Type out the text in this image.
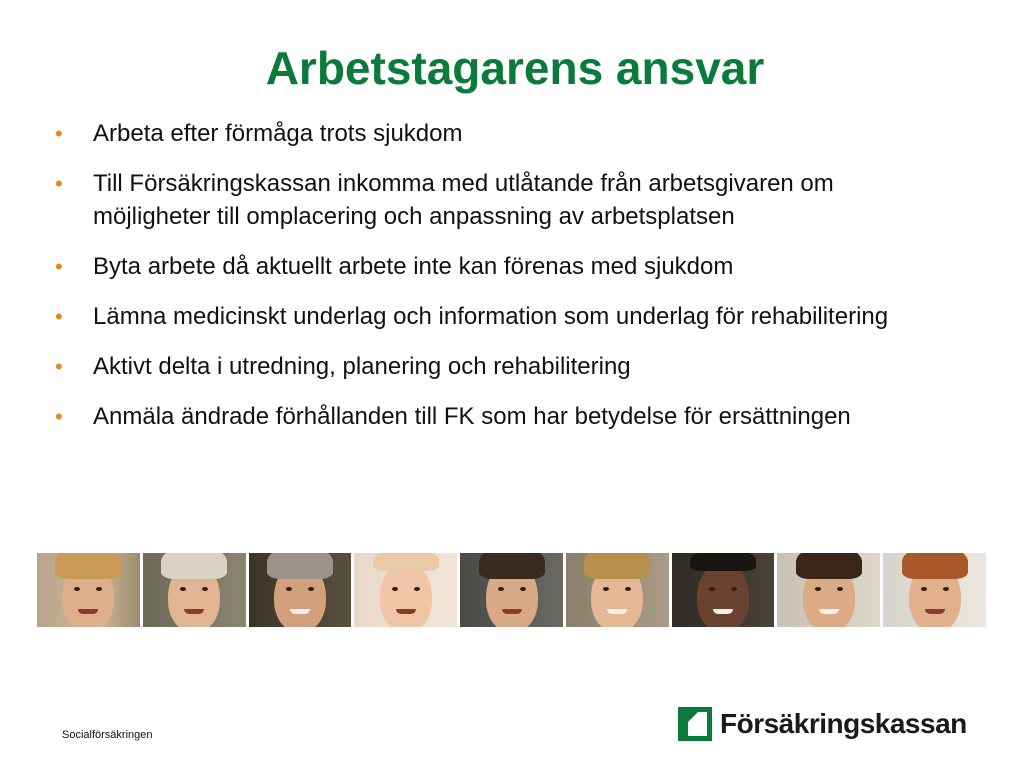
Arbetstagarens ansvar
•	Arbeta efter förmåga trots sjukdom
•	Till Försäkringskassan inkomma med utlåtande från arbetsgivaren om möjligheter till omplacering och anpassning av arbetsplatsen
•	Byta arbete då aktuellt arbete inte kan förenas med sjukdom
•	Lämna medicinskt underlag och information som underlag för rehabilitering
•	Aktivt delta i utredning, planering och rehabilitering
•	Anmäla ändrade förhållanden till FK som har betydelse för ersättningen
Socialförsäkringen	Försäkringskassan
